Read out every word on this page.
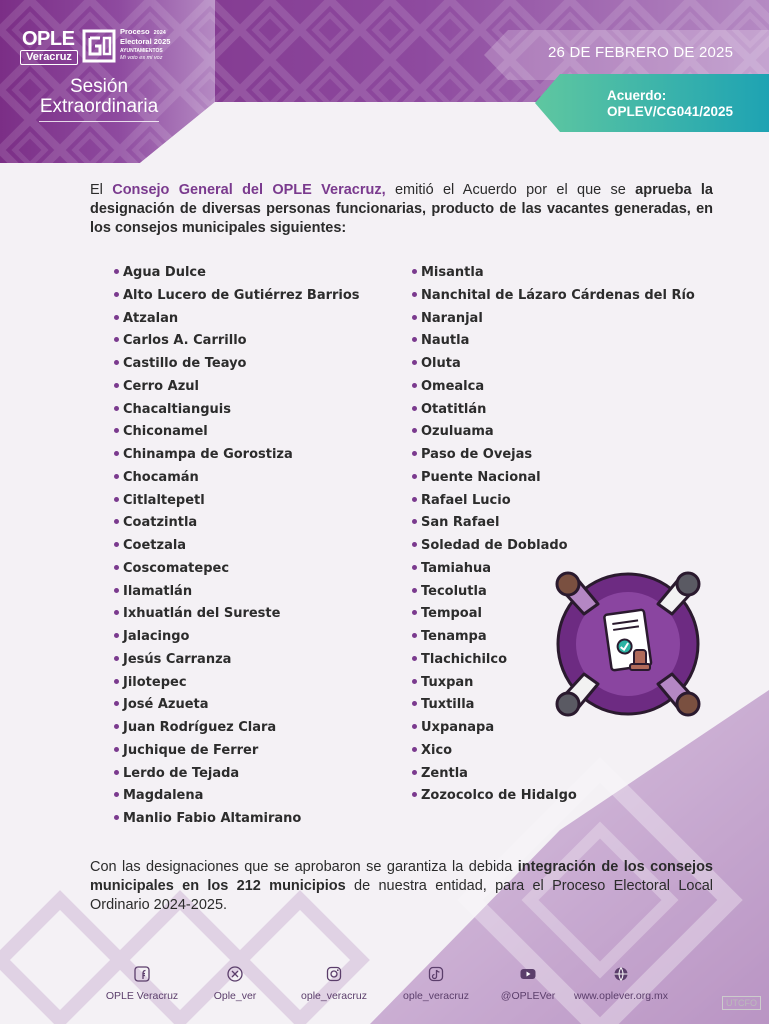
OPLE
Veracruz
Proceso 2024
Electoral 2025
AYUNTAMIENTOS
Mi voto es mi voz
Sesión
Extraordinaria
26 DE FEBRERO DE 2025
Acuerdo:
OPLEV/CG041/2025

El Consejo General del OPLE Veracruz, emitió el Acuerdo por el que se aprueba la designación de diversas personas funcionarias, producto de las vacantes generadas, en los consejos municipales siguientes:

Agua Dulce
Alto Lucero de Gutiérrez Barrios
Atzalan
Carlos A. Carrillo
Castillo de Teayo
Cerro Azul
Chacaltianguis
Chiconamel
Chinampa de Gorostiza
Chocamán
Citlaltepetl
Coatzintla
Coetzala
Coscomatepec
Ilamatlán
Ixhuatlán del Sureste
Jalacingo
Jesús Carranza
Jilotepec
José Azueta
Juan Rodríguez Clara
Juchique de Ferrer
Lerdo de Tejada
Magdalena
Manlio Fabio Altamirano
Misantla
Nanchital de Lázaro Cárdenas del Río
Naranjal
Nautla
Oluta
Omealca
Otatitlán
Ozuluama
Paso de Ovejas
Puente Nacional
Rafael Lucio
San Rafael
Soledad de Doblado
Tamiahua
Tecolutla
Tempoal
Tenampa
Tlachichilco
Tuxpan
Tuxtilla
Uxpanapa
Xico
Zentla
Zozocolco de Hidalgo

Con las designaciones que se aprobaron se garantiza la debida integración de los consejos municipales en los 212 municipios de nuestra entidad, para el Proceso Electoral Local Ordinario 2024-2025.

OPLE Veracruz	Ople_ver	ople_veracruz	ople_veracruz	@OPLEVer	www.oplever.org.mx
UTCFO
